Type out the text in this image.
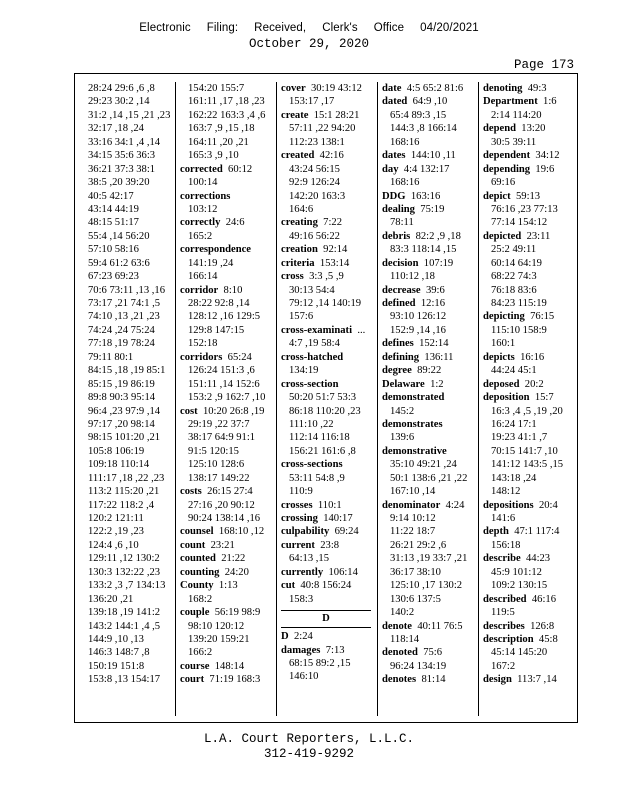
Electronic Filing: Received, Clerk's Office 04/20/2021
October 29, 2020
Page 173
28:24 29:6 ,6 ,8
29:23 30:2 ,14
31:2 ,14 ,15 ,21 ,23
32:17 ,18 ,24
33:16 34:1 ,4 ,14
34:15 35:6 36:3
36:21 37:3 38:1
38:5 ,20 39:20
40:5 42:17
43:14 44:19
48:15 51:17
55:4 ,14 56:20
57:10 58:16
59:4 61:2 63:6
67:23 69:23
70:6 73:11 ,13 ,16
73:17 ,21 74:1 ,5
74:10 ,13 ,21 ,23
74:24 ,24 75:24
77:18 ,19 78:24
79:11 80:1
84:15 ,18 ,19 85:1
85:15 ,19 86:19
89:8 90:3 95:14
96:4 ,23 97:9 ,14
97:17 ,20 98:14
98:15 101:20 ,21
105:8 106:19
109:18 110:14
111:17 ,18 ,22 ,23
113:2 115:20 ,21
117:22 118:2 ,4
120:2 121:11
122:2 ,19 ,23
124:4 ,6 ,10
129:11 ,12 130:2
130:3 132:22 ,23
133:2 ,3 ,7 134:13
136:20 ,21
139:18 ,19 141:2
143:2 144:1 ,4 ,5
144:9 ,10 ,13
146:3 148:7 ,8
150:19 151:8
153:8 ,13 154:17
154:20 155:7
161:11 ,17 ,18 ,23
162:22 163:3 ,4 ,6
163:7 ,9 ,15 ,18
164:11 ,20 ,21
165:3 ,9 ,10
corrected  60:12
100:14
corrections
103:12
correctly  24:6
165:2
correspondence
141:19 ,24
166:14
corridor  8:10
28:22 92:8 ,14
128:12 ,16 129:5
129:8 147:15
152:18
corridors  65:24
126:24 151:3 ,6
151:11 ,14 152:6
153:2 ,9 162:7 ,10
cost  10:20 26:8 ,19
29:19 ,22 37:7
38:17 64:9 91:1
91:5 120:15
125:10 128:6
138:17 149:22
costs  26:15 27:4
27:16 ,20 90:12
90:24 138:14 ,16
counsel  168:10 ,12
count  23:21
counted  21:22
counting  24:20
County  1:13
168:2
couple  56:19 98:9
98:10 120:12
139:20 159:21
166:2
course  148:14
court  71:19 168:3
cover  30:19 43:12
153:17 ,17
create  15:1 28:21
57:11 ,22 94:20
112:23 138:1
created  42:16
43:24 56:15
92:9 126:24
142:20 163:3
164:6
creating  7:22
49:16 56:22
creation  92:14
criteria  153:14
cross  3:3 ,5 ,9
30:13 54:4
79:12 ,14 140:19
157:6
cross-examinati  ...
4:7 ,19 58:4
cross-hatched
134:19
cross-section
50:20 51:7 53:3
86:18 110:20 ,23
111:10 ,22
112:14 116:18
156:21 161:6 ,8
cross-sections
53:11 54:8 ,9
110:9
crosses  110:1
crossing  140:17
culpability  69:24
current  23:8
64:13 ,15
currently  106:14
cut  40:8 156:24
158:3
D
D  2:24
damages  7:13
68:15 89:2 ,15
146:10
date  4:5 65:2 81:6
dated  64:9 ,10
65:4 89:3 ,15
144:3 ,8 166:14
168:16
dates  144:10 ,11
day  4:4 132:17
168:16
DDG  163:16
dealing  75:19
78:11
debris  82:2 ,9 ,18
83:3 118:14 ,15
decision  107:19
110:12 ,18
decrease  39:6
defined  12:16
93:10 126:12
152:9 ,14 ,16
defines  152:14
defining  136:11
degree  89:22
Delaware  1:2
demonstrated
145:2
demonstrates
139:6
demonstrative
35:10 49:21 ,24
50:1 138:6 ,21 ,22
167:10 ,14
denominator  4:24
9:14 10:12
11:22 18:7
26:21 29:2 ,6
31:13 ,19 33:7 ,21
36:17 38:10
125:10 ,17 130:2
130:6 137:5
140:2
denote  40:11 76:5
118:14
denoted  75:6
96:24 134:19
denotes  81:14
denoting  49:3
Department  1:6
2:14 114:20
depend  13:20
30:5 39:11
dependent  34:12
depending  19:6
69:16
depict  59:13
76:16 ,23 77:13
77:14 154:12
depicted  23:11
25:2 49:11
60:14 64:19
68:22 74:3
76:18 83:6
84:23 115:19
depicting  76:15
115:10 158:9
160:1
depicts  16:16
44:24 45:1
deposed  20:2
deposition  15:7
16:3 ,4 ,5 ,19 ,20
16:24 17:1
19:23 41:1 ,7
70:15 141:7 ,10
141:12 143:5 ,15
143:18 ,24
148:12
depositions  20:4
141:6
depth  47:1 117:4
156:18
describe  44:23
45:9 101:12
109:2 130:15
described  46:16
119:5
describes  126:8
description  45:8
45:14 145:20
167:2
design  113:7 ,14
L.A. Court Reporters, L.L.C.
312-419-9292
